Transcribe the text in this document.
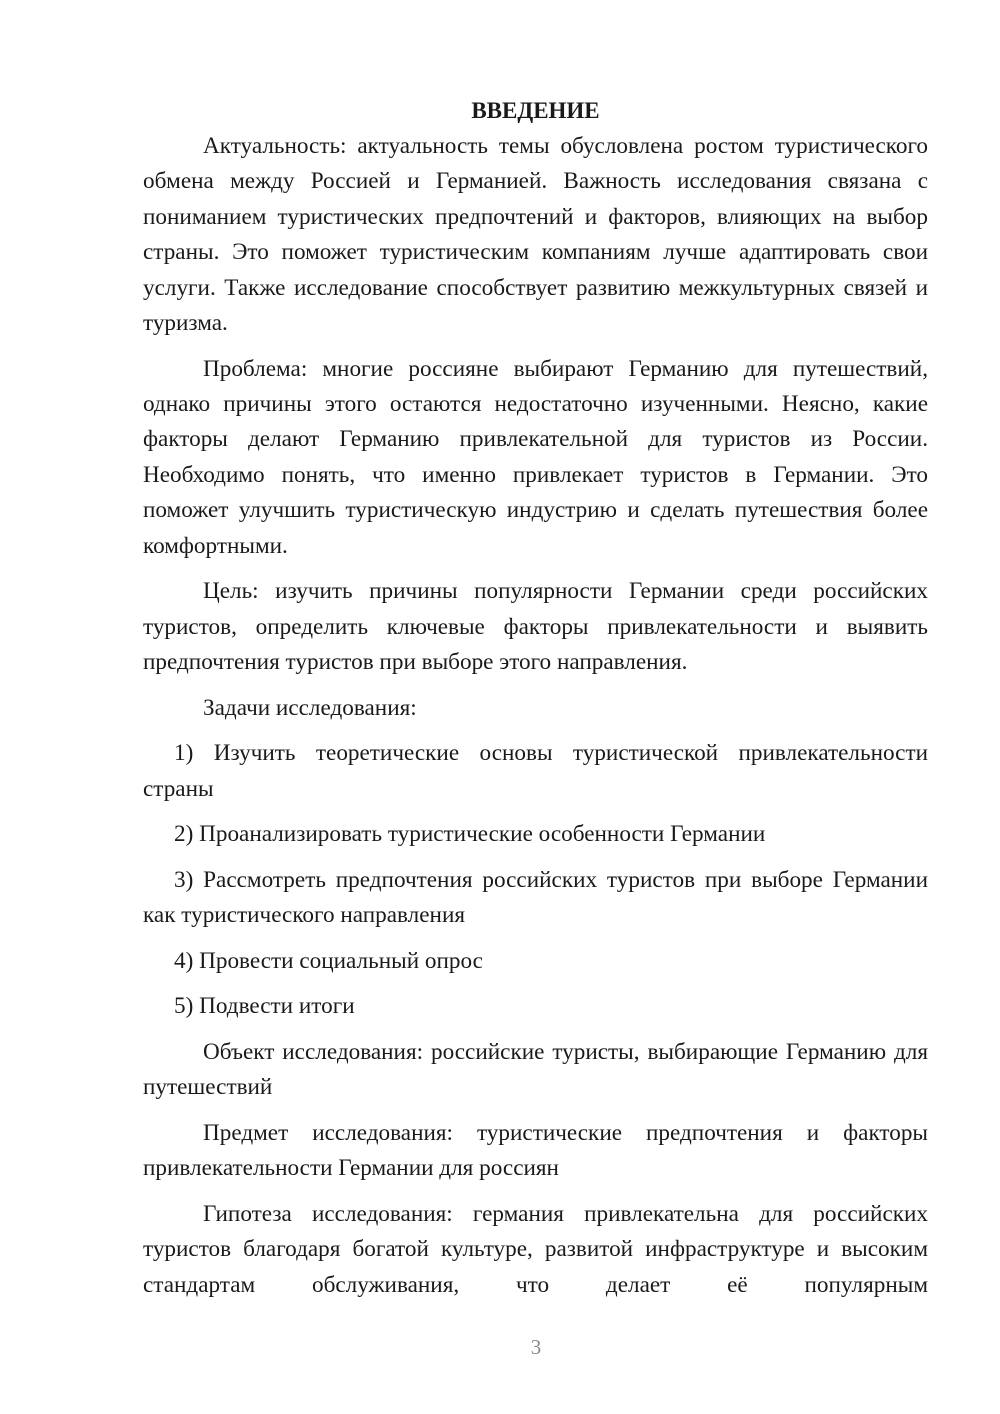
ВВЕДЕНИЕ

Актуальность: актуальность темы обусловлена ростом туристического обмена между Россией и Германией. Важность исследования связана с пониманием туристических предпочтений и факторов, влияющих на выбор страны. Это поможет туристическим компаниям лучше адаптировать свои услуги. Также исследование способствует развитию межкультурных связей и туризма.

Проблема: многие россияне выбирают Германию для путешествий, однако причины этого остаются недостаточно изученными. Неясно, какие факторы делают Германию привлекательной для туристов из России. Необходимо понять, что именно привлекает туристов в Германии. Это поможет улучшить туристическую индустрию и сделать путешествия более комфортными.

Цель: изучить причины популярности Германии среди российских туристов, определить ключевые факторы привлекательности и выявить предпочтения туристов при выборе этого направления.

Задачи исследования:

1) Изучить теоретические основы туристической привлекательности страны

2) Проанализировать туристические особенности Германии

3) Рассмотреть предпочтения российских туристов при выборе Германии как туристического направления

4) Провести социальный опрос

5) Подвести итоги

Объект исследования: российские туристы, выбирающие Германию для путешествий

Предмет исследования: туристические предпочтения и факторы привлекательности Германии для россиян

Гипотеза исследования: германия привлекательна для российских туристов благодаря богатой культуре, развитой инфраструктуре и высоким стандартам обслуживания, что делает её популярным

3
